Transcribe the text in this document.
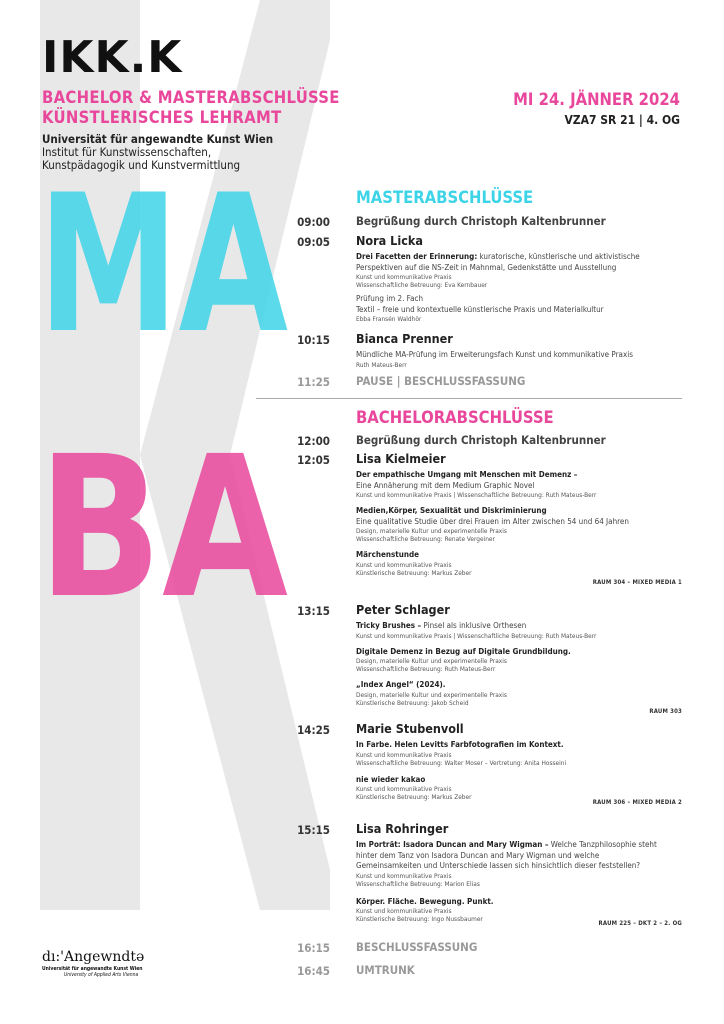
MA
BA
IKK.K
BACHELOR & MASTERABSCHLÜSSE
KÜNSTLERISCHES LEHRAMT
Universität für angewandte Kunst Wien
Institut für Kunstwissenschaften,
Kunstpädagogik und Kunstvermittlung
MI 24. JÄNNER 2024
VZA7 SR 21 | 4. OG
MASTERABSCHLÜSSE
09:00 Begrüßung durch Christoph Kaltenbrunner
09:05 Nora Licka
Drei Facetten der Erinnerung: kuratorische, künstlerische und aktivistische
Perspektiven auf die NS-Zeit in Mahnmal, Gedenkstätte und Ausstellung
Kunst und kommunikative Praxis
Wissenschaftliche Betreuung: Eva Kernbauer
Prüfung im 2. Fach
Textil – freie und kontextuelle künstlerische Praxis und Materialkultur
Ebba Fransén Waldhör
10:15 Bianca Prenner
Mündliche MA-Prüfung im Erweiterungsfach Kunst und kommunikative Praxis
Ruth Mateus-Berr
11:25 PAUSE | BESCHLUSSFASSUNG
BACHELORABSCHLÜSSE
12:00 Begrüßung durch Christoph Kaltenbrunner
12:05 Lisa Kielmeier
Der empathische Umgang mit Menschen mit Demenz –
Eine Annäherung mit dem Medium Graphic Novel
Kunst und kommunikative Praxis | Wissenschaftliche Betreuung: Ruth Mateus-Berr
Medien,Körper, Sexualität und Diskriminierung
Eine qualitative Studie über drei Frauen im Alter zwischen 54 und 64 Jahren
Design, materielle Kultur und experimentelle Praxis
Wissenschaftliche Betreuung: Renate Vergeiner
Märchenstunde
Kunst und kommunikative Praxis
Künstlerische Betreuung: Markus Zeber
RAUM 304 – MIXED MEDIA 1
13:15 Peter Schlager
Tricky Brushes – Pinsel als inklusive Orthesen
Kunst und kommunikative Praxis | Wissenschaftliche Betreuung: Ruth Mateus-Berr
Digitale Demenz in Bezug auf Digitale Grundbildung.
Design, materielle Kultur und experimentelle Praxis
Wissenschaftliche Betreuung: Ruth Mateus-Berr
„Index Angel“ (2024).
Design, materielle Kultur und experimentelle Praxis
Künstlerische Betreuung: Jakob Scheid
RAUM 303
14:25 Marie Stubenvoll
In Farbe. Helen Levitts Farbfotografien im Kontext.
Kunst und kommunikative Praxis
Wissenschaftliche Betreuung: Walter Moser – Vertretung: Anita Hosseini
nie wieder kakao
Kunst und kommunikative Praxis
Künstlerische Betreuung: Markus Zeber
RAUM 306 – MIXED MEDIA 2
15:15 Lisa Rohringer
Im Porträt: Isadora Duncan and Mary Wigman – Welche Tanzphilosophie steht
hinter dem Tanz von Isadora Duncan and Mary Wigman und welche
Gemeinsamkeiten und Unterschiede lassen sich hinsichtlich dieser feststellen?
Kunst und kommunikative Praxis
Wissenschaftliche Betreuung: Marion Elias
Körper. Fläche. Bewegung. Punkt.
Kunst und kommunikative Praxis
Künstlerische Betreuung: Ingo Nussbaumer
RAUM 225 – DKT 2 – 2. OG
16:15 BESCHLUSSFASSUNG
16:45 UMTRUNK
dı:'Angewndtə
Universität für angewandte Kunst Wien
University of Applied Arts Vienna
